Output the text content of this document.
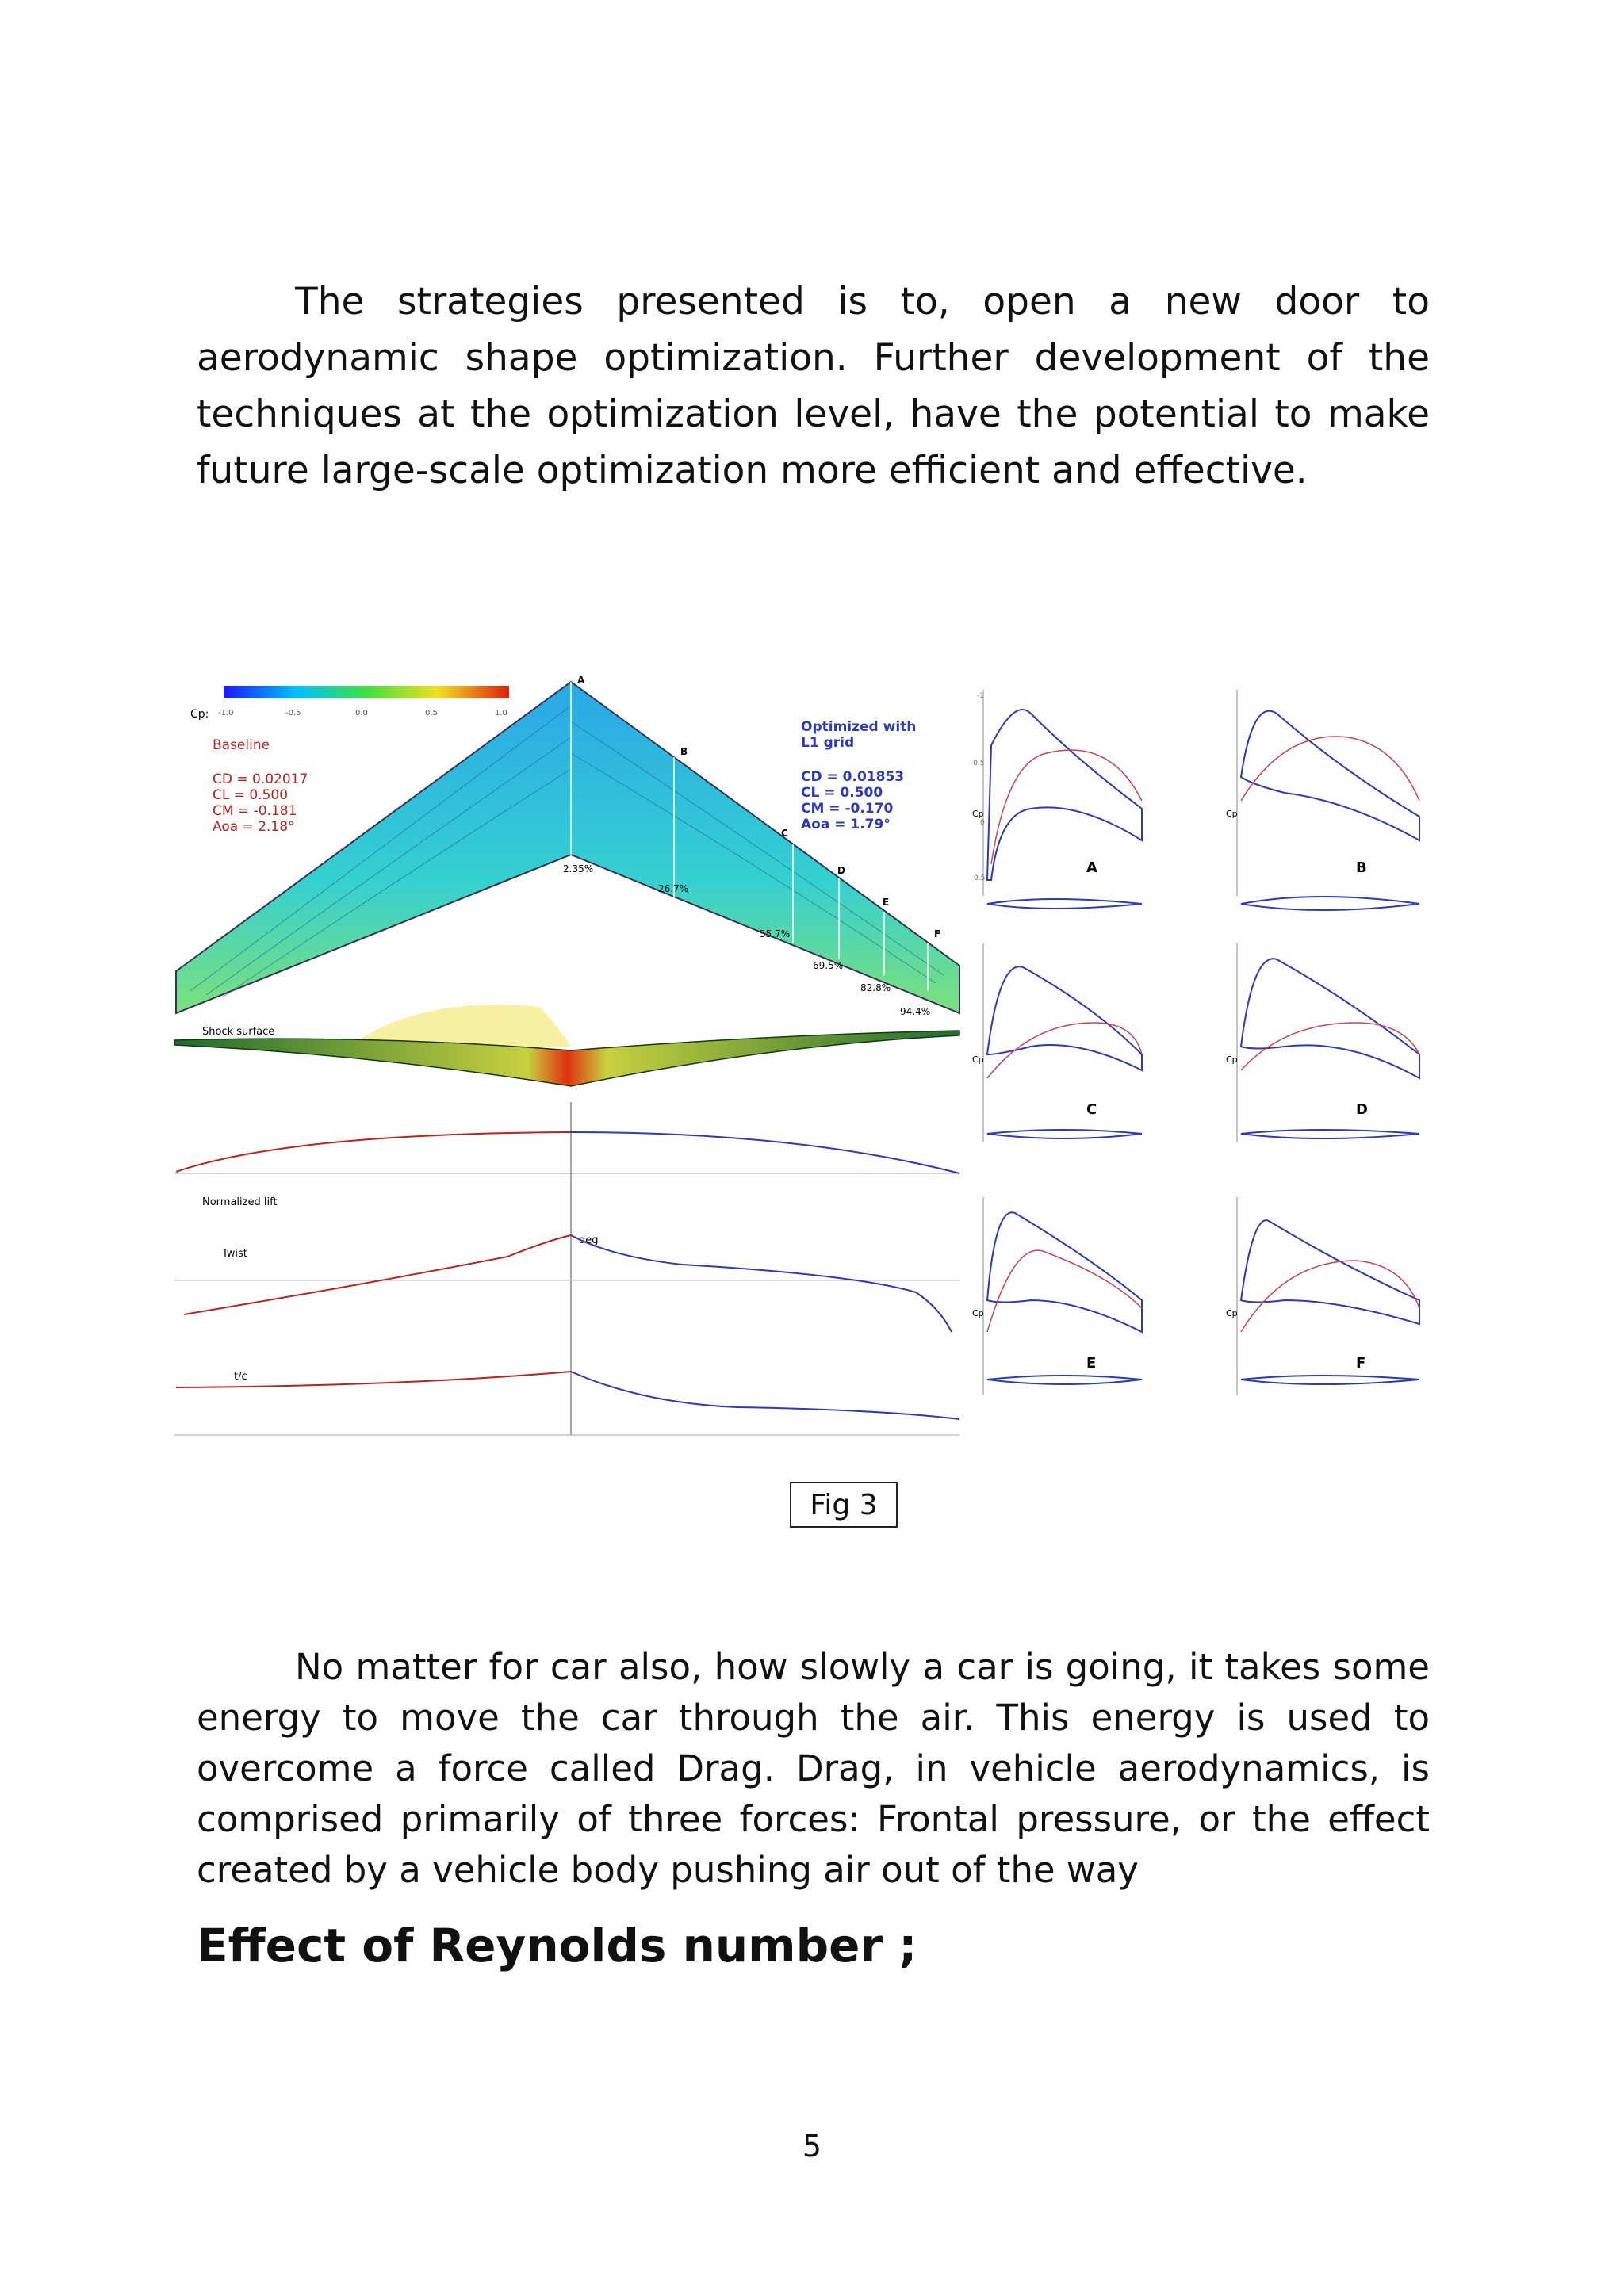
The strategies presented is to, open a new door to aerodynamic shape optimization. Further development of the techniques at the optimization level, have the potential to make future large-scale optimization more efficient and effective.

Cp: -1.0	-0.5	0.0	0.5	1.0
A
B
C
D
E
F
2.35%
26.7%
55.7%
69.5%
82.8%
94.4%
Baseline
CD = 0.02017
CL = 0.500
CM = -0.181
Aoa = 2.18°
Optimized with
L1 grid
CD = 0.01853
CL = 0.500
CM = -0.170
Aoa = 1.79°
Shock surface
Normalized lift
Twist
deg
t/c
Cp
-1
-0.5
0
0.5
A
Cp
B
Cp
C
Cp
D
Cp
E
Cp
F
Fig 3

No matter for car also, how slowly a car is going, it takes some energy to move the car through the air. This energy is used to overcome a force called Drag. Drag, in vehicle aerodynamics, is comprised primarily of three forces: Frontal pressure, or the effect created by a vehicle body pushing air out of the way

Effect of Reynolds number ;
5
